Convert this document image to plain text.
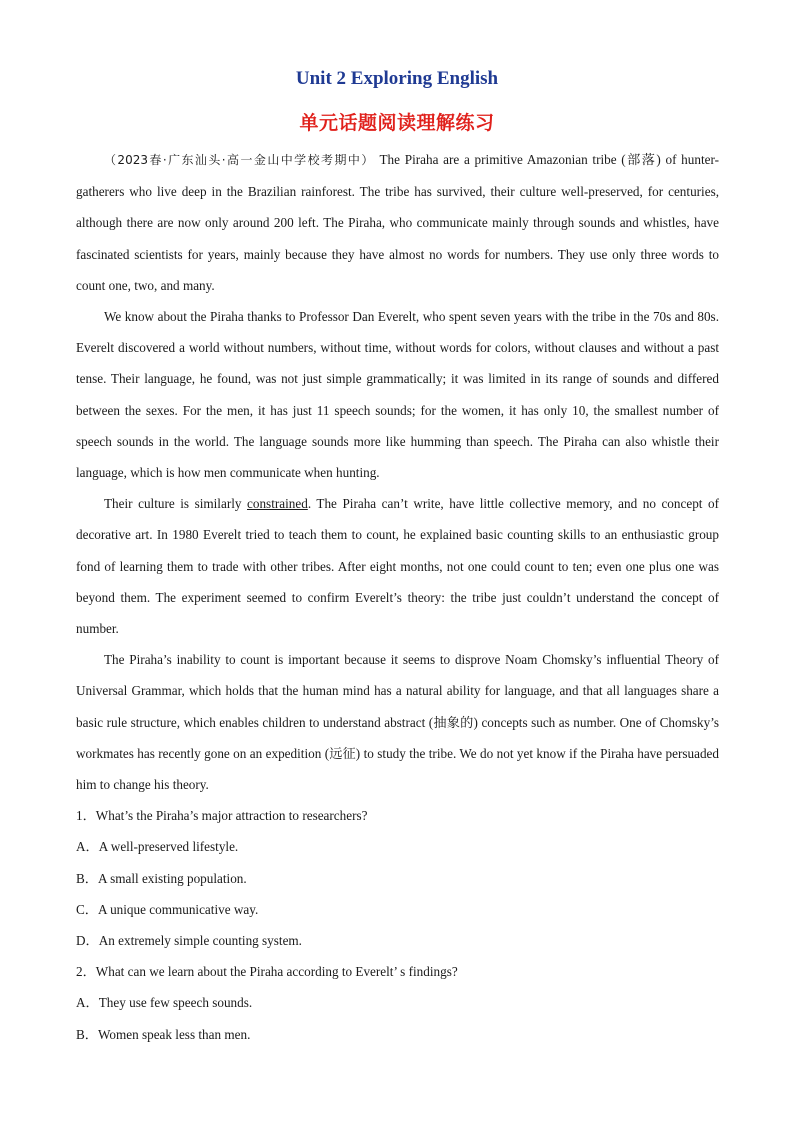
Unit 2 Exploring English
单元话题阅读理解练习

（2023春·广东汕头·高一金山中学校考期中） The Piraha are a primitive Amazonian tribe (部落) of hunter-gatherers who live deep in the Brazilian rainforest. The tribe has survived, their culture well-preserved, for centuries, although there are now only around 200 left. The Piraha, who communicate mainly through sounds and whistles, have fascinated scientists for years, mainly because they have almost no words for numbers. They use only three words to count one, two, and many.

We know about the Piraha thanks to Professor Dan Everelt, who spent seven years with the tribe in the 70s and 80s. Everelt discovered a world without numbers, without time, without words for colors, without clauses and without a past tense. Their language, he found, was not just simple grammatically; it was limited in its range of sounds and differed between the sexes. For the men, it has just 11 speech sounds; for the women, it has only 10, the smallest number of speech sounds in the world. The language sounds more like humming than speech. The Piraha can also whistle their language, which is how men communicate when hunting.

Their culture is similarly constrained. The Piraha can’t write, have little collective memory, and no concept of decorative art. In 1980 Everelt tried to teach them to count, he explained basic counting skills to an enthusiastic group fond of learning them to trade with other tribes. After eight months, not one could count to ten; even one plus one was beyond them. The experiment seemed to confirm Everelt’s theory: the tribe just couldn’t understand the concept of number.

The Piraha’s inability to count is important because it seems to disprove Noam Chomsky’s influential Theory of Universal Grammar, which holds that the human mind has a natural ability for language, and that all languages share a basic rule structure, which enables children to understand abstract (抽象的) concepts such as number. One of Chomsky’s workmates has recently gone on an expedition (远征) to study the tribe. We do not yet know if the Piraha have persuaded him to change his theory.

1．What’s the Piraha’s major attraction to researchers?

A．A well-preserved lifestyle.

B．A small existing population.

C．A unique communicative way.

D．An extremely simple counting system.

2．What can we learn about the Piraha according to Everelt’ s findings?

A．They use few speech sounds.

B．Women speak less than men.
